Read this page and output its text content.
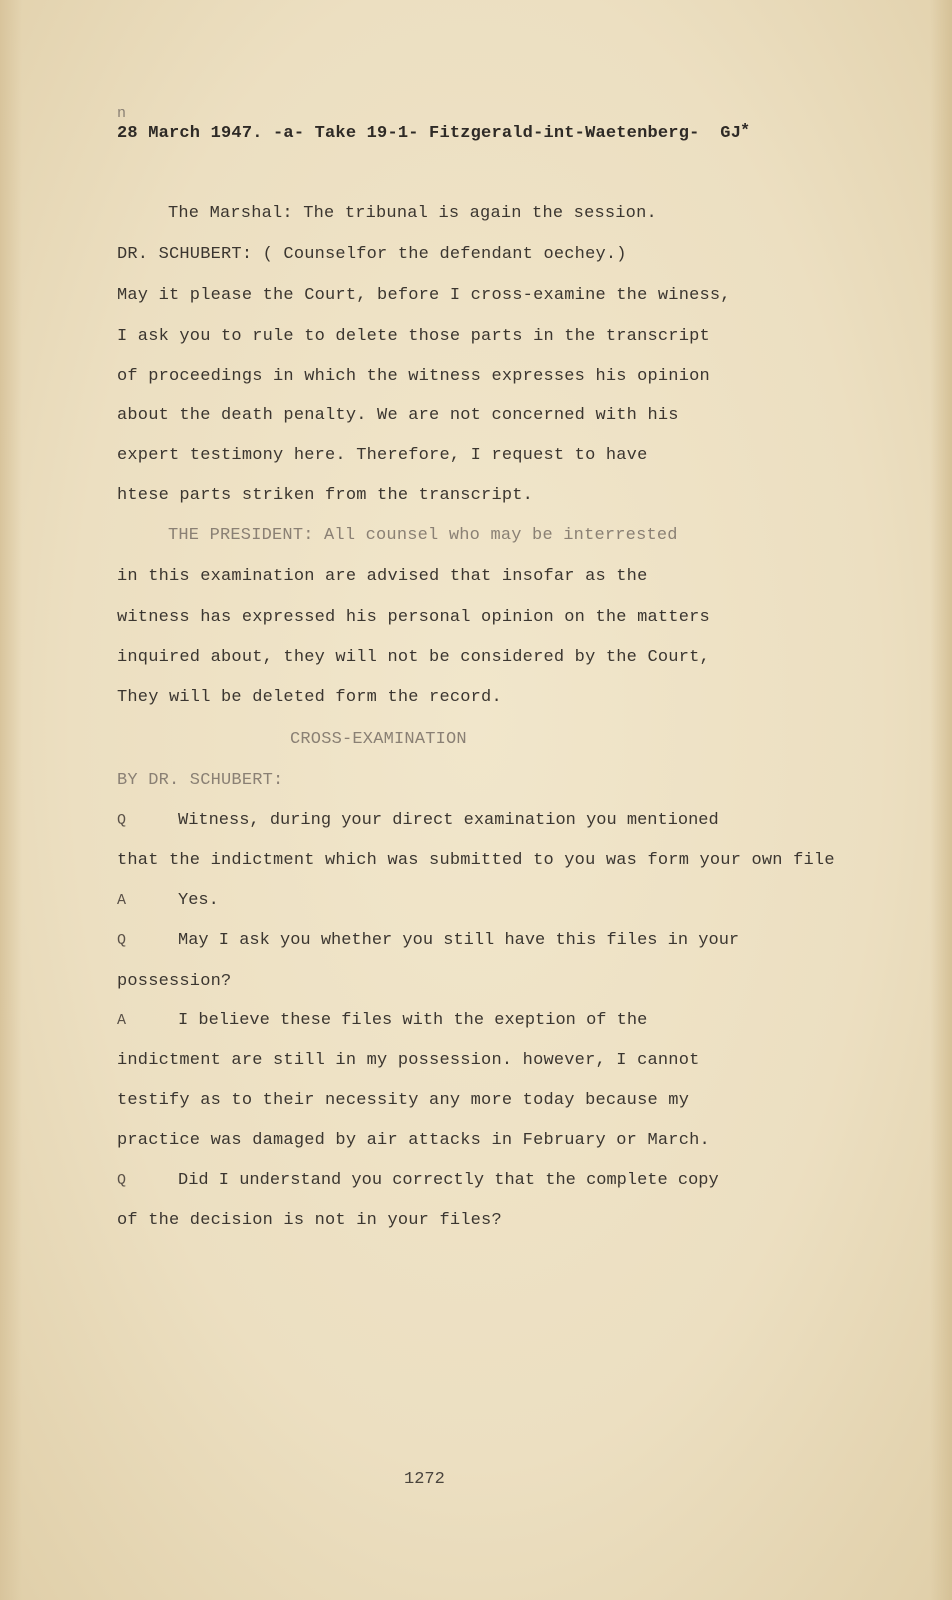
n
28 March 1947. -a- Take 19-1- Fitzgerald-int-Waetenberg-  GJ
*
The Marshal: The tribunal is again the session.
DR. SCHUBERT: ( Counselfor the defendant oechey.)
May it please the Court, before I cross-examine the winess,
I ask you to rule to delete those parts in the transcript
of proceedings in which the witness expresses his opinion
about the death penalty. We are not concerned with his
expert testimony here. Therefore, I request to have
htese parts striken from the transcript.
THE PRESIDENT: All counsel who may be interrested
in this examination are advised that insofar as the
witness has expressed his personal opinion on the matters
inquired about, they will not be considered by the Court,
They will be deleted form the record.
CROSS-EXAMINATION
BY DR. SCHUBERT:
Q	Witness, during your direct examination you mentioned
that the indictment which was submitted to you was form your own file
A	Yes.
Q	May I ask you whether you still have this files in your
possession?
A	I believe these files with the exeption of the
indictment are still in my possession. however, I cannot
testify as to their necessity any more today because my
practice was damaged by air attacks in February or March.
Q	Did I understand you correctly that the complete copy
of the decision is not in your files?
1272
